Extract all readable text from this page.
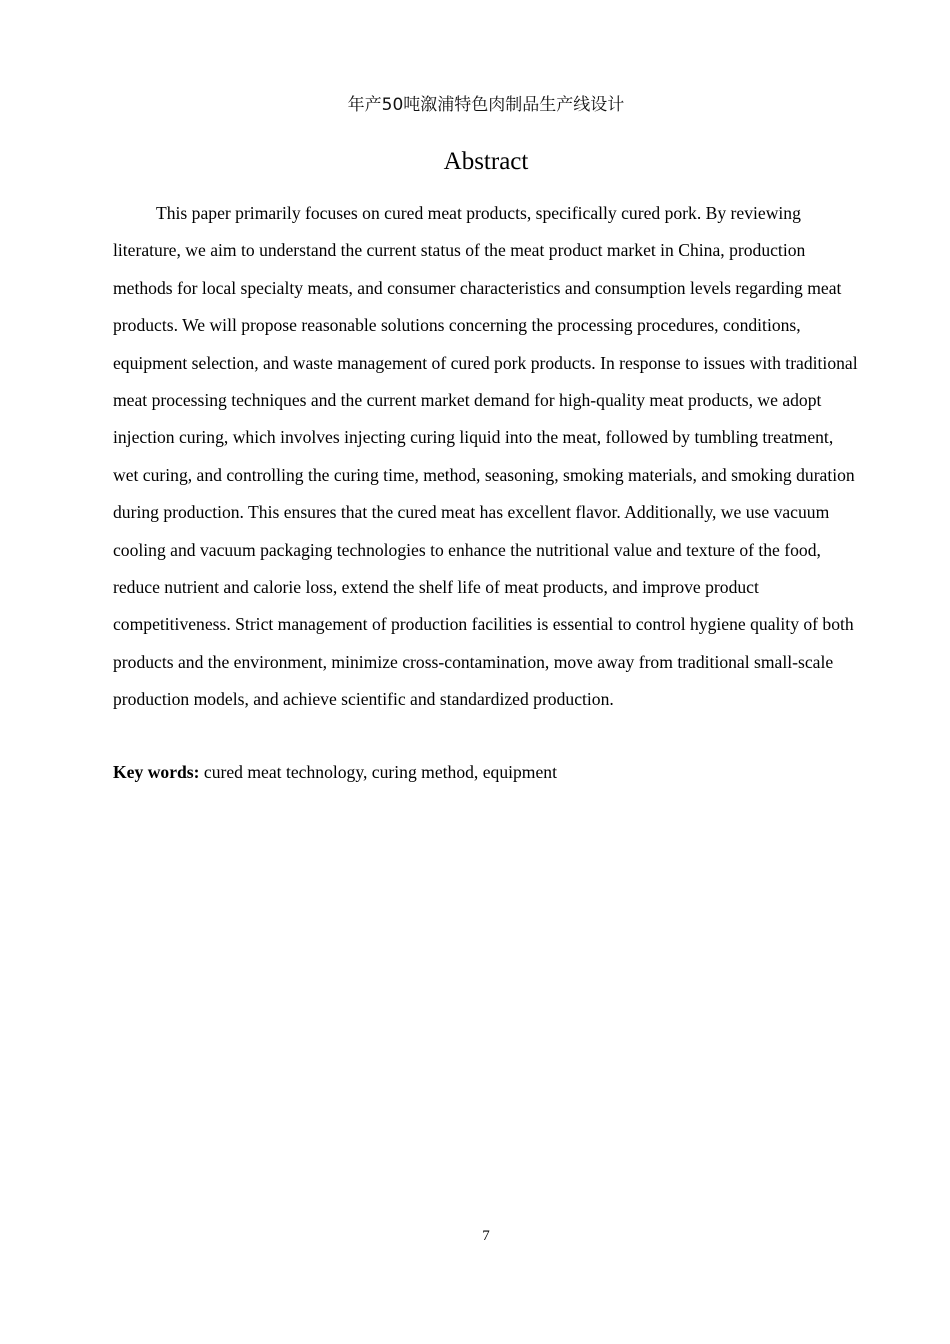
年产50吨溆浦特色肉制品生产线设计
Abstract

This paper primarily focuses on cured meat products, specifically cured pork. By reviewing literature, we aim to understand the current status of the meat product market in China, production methods for local specialty meats, and consumer characteristics and consumption levels regarding meat products. We will propose reasonable solutions concerning the processing procedures, conditions, equipment selection, and waste management of cured pork products. In response to issues with traditional meat processing techniques and the current market demand for high-quality meat products, we adopt injection curing, which involves injecting curing liquid into the meat, followed by tumbling treatment, wet curing, and controlling the curing time, method, seasoning, smoking materials, and smoking duration during production. This ensures that the cured meat has excellent flavor. Additionally, we use vacuum cooling and vacuum packaging technologies to enhance the nutritional value and texture of the food, reduce nutrient and calorie loss, extend the shelf life of meat products, and improve product competitiveness. Strict management of production facilities is essential to control hygiene quality of both products and the environment, minimize cross-contamination, move away from traditional small-scale production models, and achieve scientific and standardized production.

Key words: cured meat technology, curing method, equipment

7
